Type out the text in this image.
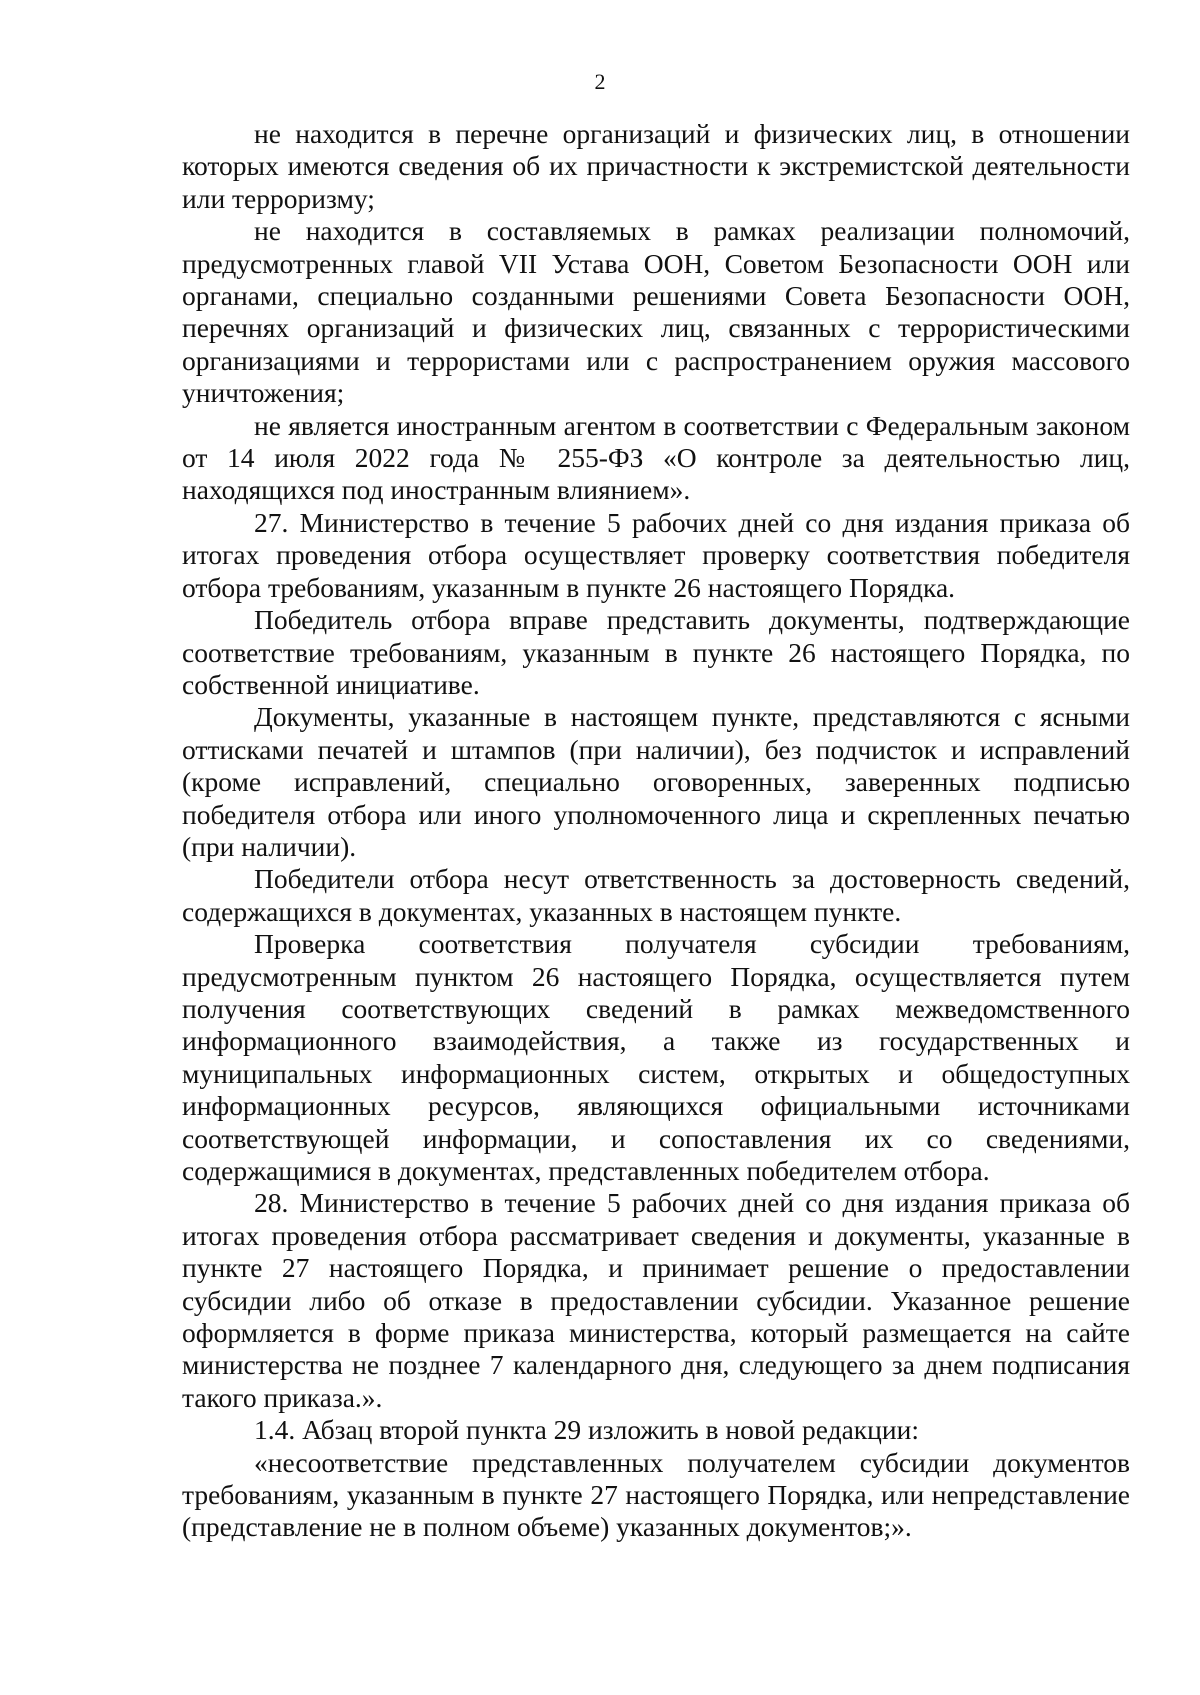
2

не находится в перечне организаций и физических лиц, в отношении которых имеются сведения об их причастности к экстремистской деятельности или терроризму;

не находится в составляемых в рамках реализации полномочий, предусмотренных главой VII Устава ООН, Советом Безопасности ООН или органами, специально созданными решениями Совета Безопасности ООН, перечнях организаций и физических лиц, связанных с террористическими организациями и террористами или с распространением оружия массового уничтожения;

не является иностранным агентом в соответствии с Федеральным законом от 14 июля 2022 года № 255-ФЗ «О контроле за деятельностью лиц, находящихся под иностранным влиянием».

27. Министерство в течение 5 рабочих дней со дня издания приказа об итогах проведения отбора осуществляет проверку соответствия победителя отбора требованиям, указанным в пункте 26 настоящего Порядка.

Победитель отбора вправе представить документы, подтверждающие соответствие требованиям, указанным в пункте 26 настоящего Порядка, по собственной инициативе.

Документы, указанные в настоящем пункте, представляются с ясными оттисками печатей и штампов (при наличии), без подчисток и исправлений (кроме исправлений, специально оговоренных, заверенных подписью победителя отбора или иного уполномоченного лица и скрепленных печатью (при наличии).

Победители отбора несут ответственность за достоверность сведений, содержащихся в документах, указанных в настоящем пункте.

Проверка соответствия получателя субсидии требованиям, предусмотренным пунктом 26 настоящего Порядка, осуществляется путем получения соответствующих сведений в рамках межведомственного информационного взаимодействия, а также из государственных и муниципальных информационных систем, открытых и общедоступных информационных ресурсов, являющихся официальными источниками соответствующей информации, и сопоставления их со сведениями, содержащимися в документах, представленных победителем отбора.

28. Министерство в течение 5 рабочих дней со дня издания приказа об итогах проведения отбора рассматривает сведения и документы, указанные в пункте 27 настоящего Порядка, и принимает решение о предоставлении субсидии либо об отказе в предоставлении субсидии. Указанное решение оформляется в форме приказа министерства, который размещается на сайте министерства не позднее 7 календарного дня, следующего за днем подписания такого приказа.».

1.4. Абзац второй пункта 29 изложить в новой редакции:

«несоответствие представленных получателем субсидии документов требованиям, указанным в пункте 27 настоящего Порядка, или непредставление (представление не в полном объеме) указанных документов;».
